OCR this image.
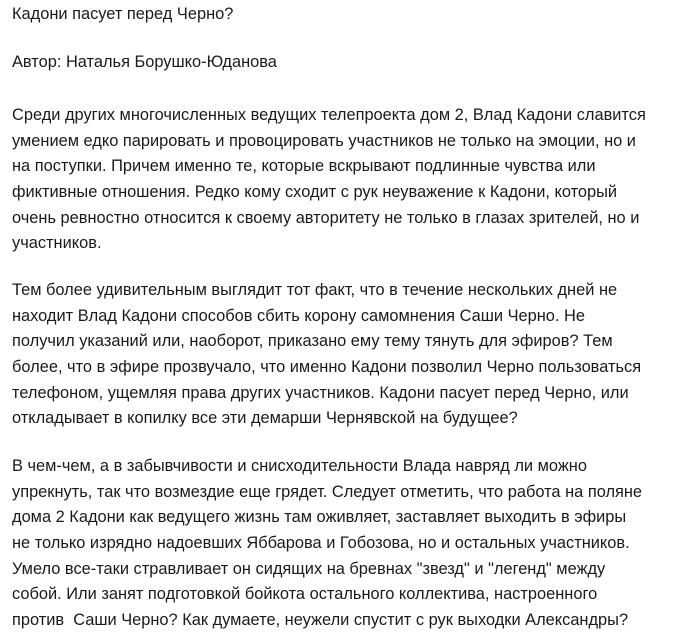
Кадони пасует перед Черно?
Автор: Наталья Борушко-Юданова
Среди других многочисленных ведущих телепроекта дом 2, Влад Кадони славится
умением едко парировать и провоцировать участников не только на эмоции, но и
на поступки. Причем именно те, которые вскрывают подлинные чувства или
фиктивные отношения. Редко кому сходит с рук неуважение к Кадони, который
очень ревностно относится к своему авторитету не только в глазах зрителей, но и
участников.
Тем более удивительным выглядит тот факт, что в течение нескольких дней не
находит Влад Кадони способов сбить корону самомнения Саши Черно. Не
получил указаний или, наоборот, приказано ему тему тянуть для эфиров? Тем
более, что в эфире прозвучало, что именно Кадони позволил Черно пользоваться
телефоном, ущемляя права других участников. Кадони пасует перед Черно, или
откладывает в копилку все эти демарши Чернявской на будущее?
В чем-чем, а в забывчивости и снисходительности Влада навряд ли можно
упрекнуть, так что возмездие еще грядет. Следует отметить, что работа на поляне
дома 2 Кадони как ведущего жизнь там оживляет, заставляет выходить в эфиры
не только изрядно надоевших Яббарова и Гобозова, но и остальных участников.
Умело все-таки стравливает он сидящих на бревнах "звезд" и "легенд" между
собой. Или занят подготовкой бойкота остального коллектива, настроенного
против  Саши Черно? Как думаете, неужели спустит с рук выходки Александры?
